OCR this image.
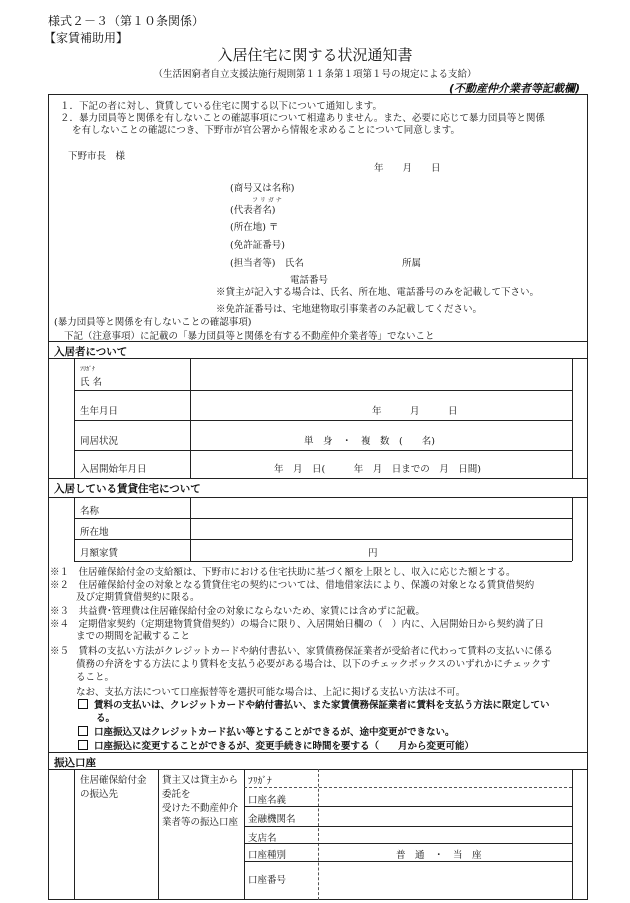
様式２－３（第１０条関係）
【家賃補助用】
入居住宅に関する状況通知書
（生活困窮者自立支援法施行規則第１１条第１項第１号の規定による支給）
(不動産仲介業者等記載欄)
１．下記の者に対し、貸賃している住宅に関する以下について通知します。
２．暴力団員等と関係を有しないことの確認事項について相違ありません。また、必要に応じて暴力団員等と関係
を有しないことの確認につき、下野市が官公署から情報を求めることについて同意します。
下野市長　様
年　　月　　日
(商号又は名称)
フ リ ガ ナ
(代表者名)
(所在地) 〒
(免許証番号)
(担当者等)　氏名	所属
電話番号
※貸主が記入する場合は、氏名、所在地、電話番号のみを記載して下さい。
※免許証番号は、宅地建物取引事業者のみ記載してください。
(暴力団員等と関係を有しないことの確認事項)
下記（注意事項）に記載の「暴力団員等と関係を有する不動産仲介業者等」でないこと
入居者について
ﾌﾘｶﾞﾅ
氏 名
生年月日	年　　　月　　　日
同居状況	単　身　・　複　数　(　　名)
入居開始年月日	年　月　日(　　　年　月　日までの　月　日間)
入居している賃貸住宅について
名称
所在地
月額家賃	円
※１　住居確保給付金の支給額は、下野市における住宅扶助に基づく額を上限とし、収入に応じた額とする。
※２　住居確保給付金の対象となる賃貸住宅の契約については、借地借家法により、保護の対象となる賃貸借契約
及び定期賃貸借契約に限る。
※３　共益費･管理費は住居確保給付金の対象にならないため、家賃には含めずに記載。
※４　定期借家契約（定期建物賃貸借契約）の場合に限り、入居開始日欄の（　）内に、入居開始日から契約満了日
までの期間を記載すること
※５　賃料の支払い方法がクレジットカードや納付書払い、家賃債務保証業者が受給者に代わって賃料の支払いに係る
債務の弁済をする方法により賃料を支払う必要がある場合は、以下のチェックボックスのいずれかにチェックす
ること。
なお、支払方法について口座振替等を選択可能な場合は、上記に掲げる支払い方法は不可。
賃料の支払いは、クレジットカードや納付書払い、また家賃債務保証業者に賃料を支払う方法に限定してい
る。
口座振込又はクレジットカード払い等とすることができるが、途中変更ができない。
口座振込に変更することができるが、変更手続きに時間を要する（　　月から変更可能）
振込口座
住居確保給付金
の振込先
貸主又は貸主から
委託を
受けた不動産仲介
業者等の振込口座
ﾌﾘｶﾞﾅ
口座名義
金融機関名
支店名
口座種別	普　通　・　当　座
口座番号
